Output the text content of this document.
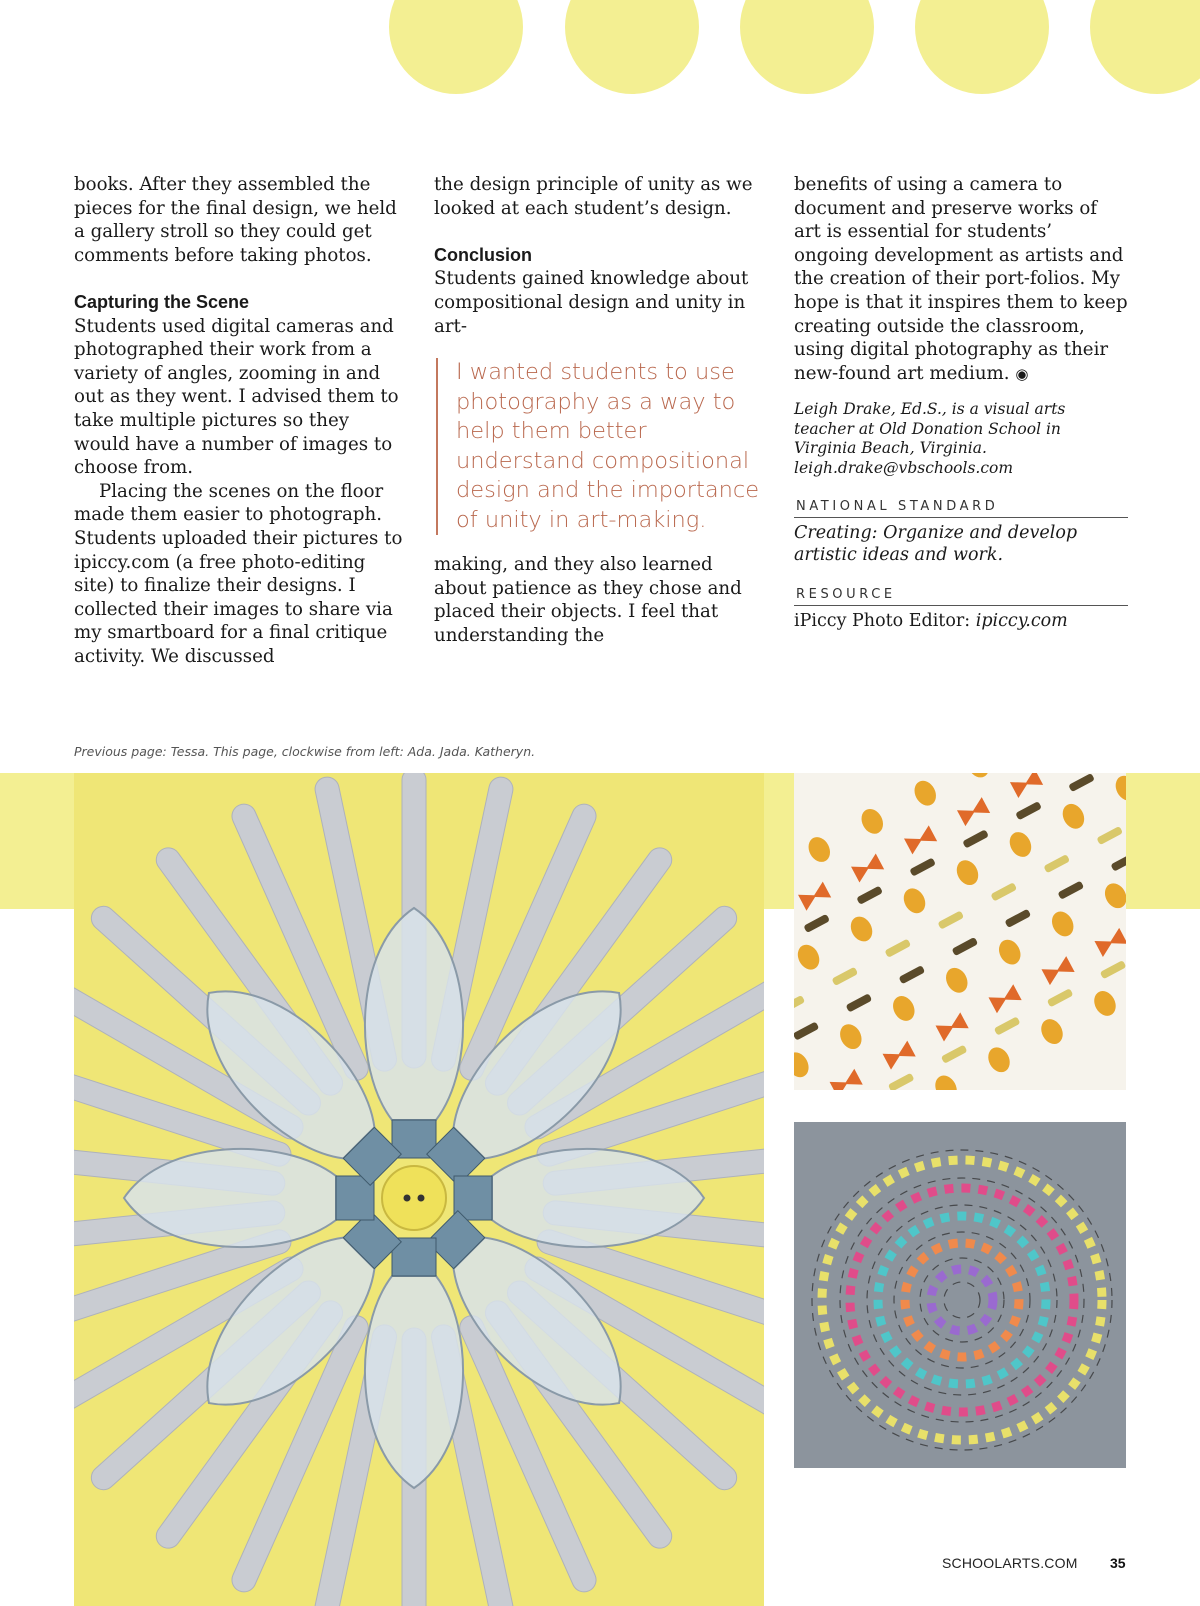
books. After they assembled the pieces for the final design, we held a gallery stroll so they could get comments before taking photos.

Capturing the Scene

Students used digital cameras and photographed their work from a variety of angles, zooming in and out as they went. I advised them to take multiple pictures so they would have a number of images to choose from.

Placing the scenes on the floor made them easier to photograph. Students uploaded their pictures to ipiccy.com (a free photo-editing site) to finalize their designs. I collected their images to share via my smartboard for a final critique activity. We discussed

the design principle of unity as we looked at each student’s design.

Conclusion

Students gained knowledge about compositional design and unity in art-

I wanted students to use photography as a way to help them better understand compositional design and the importance of unity in art-making.

making, and they also learned about patience as they chose and placed their objects. I feel that understanding the

benefits of using a camera to document and preserve works of art is essential for students’ ongoing development as artists and the creation of their port-folios. My hope is that it inspires them to keep creating outside the classroom, using digital photography as their new-found art medium. ◉

Leigh Drake, Ed.S., is a visual arts teacher at Old Donation School in Virginia Beach, Virginia. leigh.drake@vbschools.com

NATIONAL STANDARD

Creating: Organize and develop artistic ideas and work.

RESOURCE

iPiccy Photo Editor: ipiccy.com

Previous page: Tessa. This page, clockwise from left: Ada. Jada. Katheryn.
SCHOOLARTS.COM 35
